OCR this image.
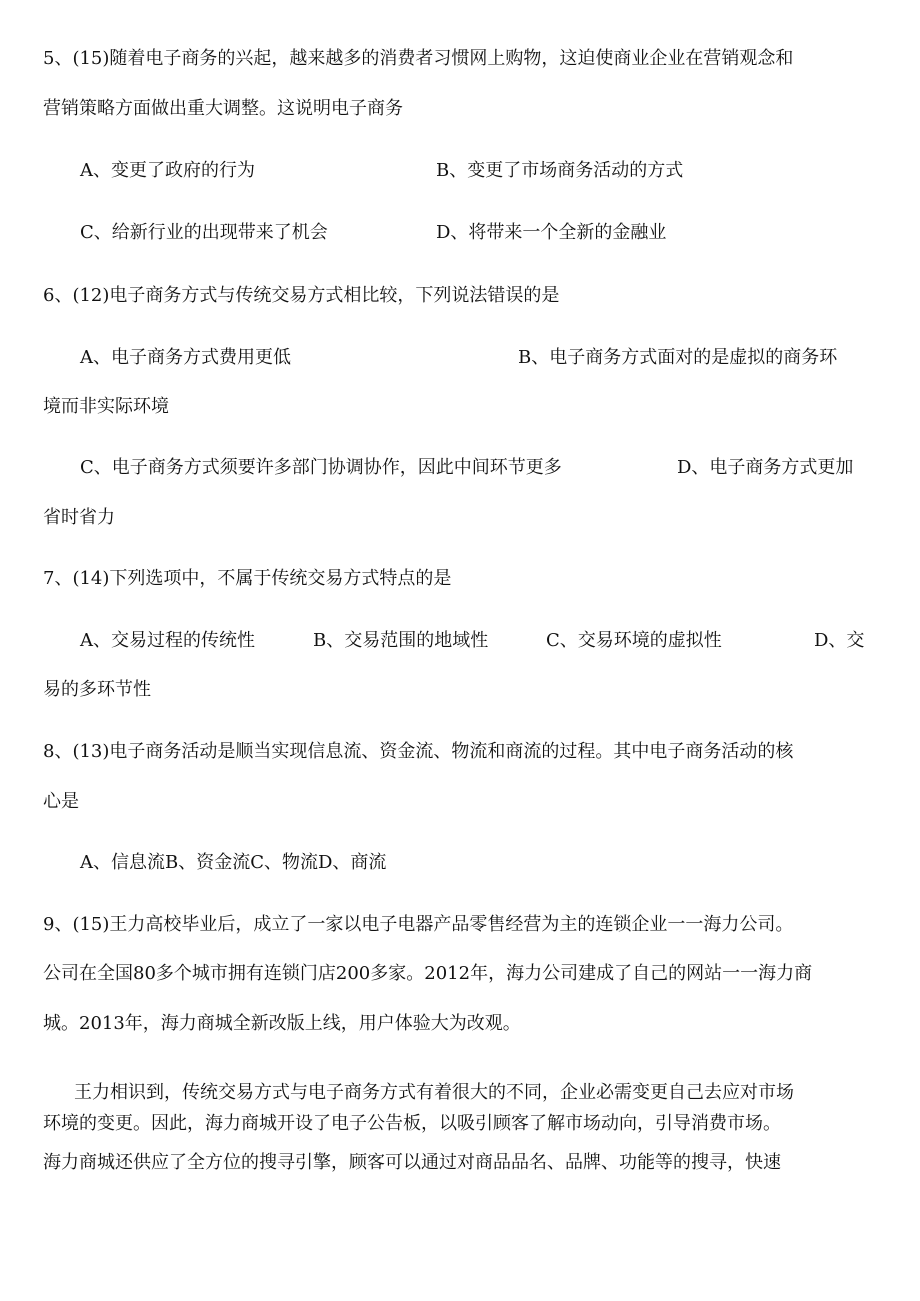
5、(15)随着电子商务的兴起，越来越多的消费者习惯网上购物，这迫使商业企业在营销观念和
营销策略方面做出重大调整。这说明电子商务
A、变更了政府的行为	B、变更了市场商务活动的方式
C、给新行业的出现带来了机会	D、将带来一个全新的金融业
6、(12)电子商务方式与传统交易方式相比较，下列说法错误的是
A、电子商务方式费用更低	B、电子商务方式面对的是虚拟的商务环
境而非实际环境
C、电子商务方式须要许多部门协调协作，因此中间环节更多	D、电子商务方式更加
省时省力
7、(14)下列选项中，不属于传统交易方式特点的是
A、交易过程的传统性	B、交易范围的地域性	C、交易环境的虚拟性	D、交
易的多环节性
8、(13)电子商务活动是顺当实现信息流、资金流、物流和商流的过程。其中电子商务活动的核
心是
A、信息流B、资金流C、物流D、商流
9、(15)王力高校毕业后，成立了一家以电子电器产品零售经营为主的连锁企业一一海力公司。
公司在全国80多个城市拥有连锁门店200多家。2012年，海力公司建成了自己的网站一一海力商
城。2013年，海力商城全新改版上线，用户体验大为改观。
王力相识到，传统交易方式与电子商务方式有着很大的不同，企业必需变更自己去应对市场
环境的变更。因此，海力商城开设了电子公告板，以吸引顾客了解市场动向，引导消费市场。
海力商城还供应了全方位的搜寻引擎，顾客可以通过对商品品名、品牌、功能等的搜寻，快速
